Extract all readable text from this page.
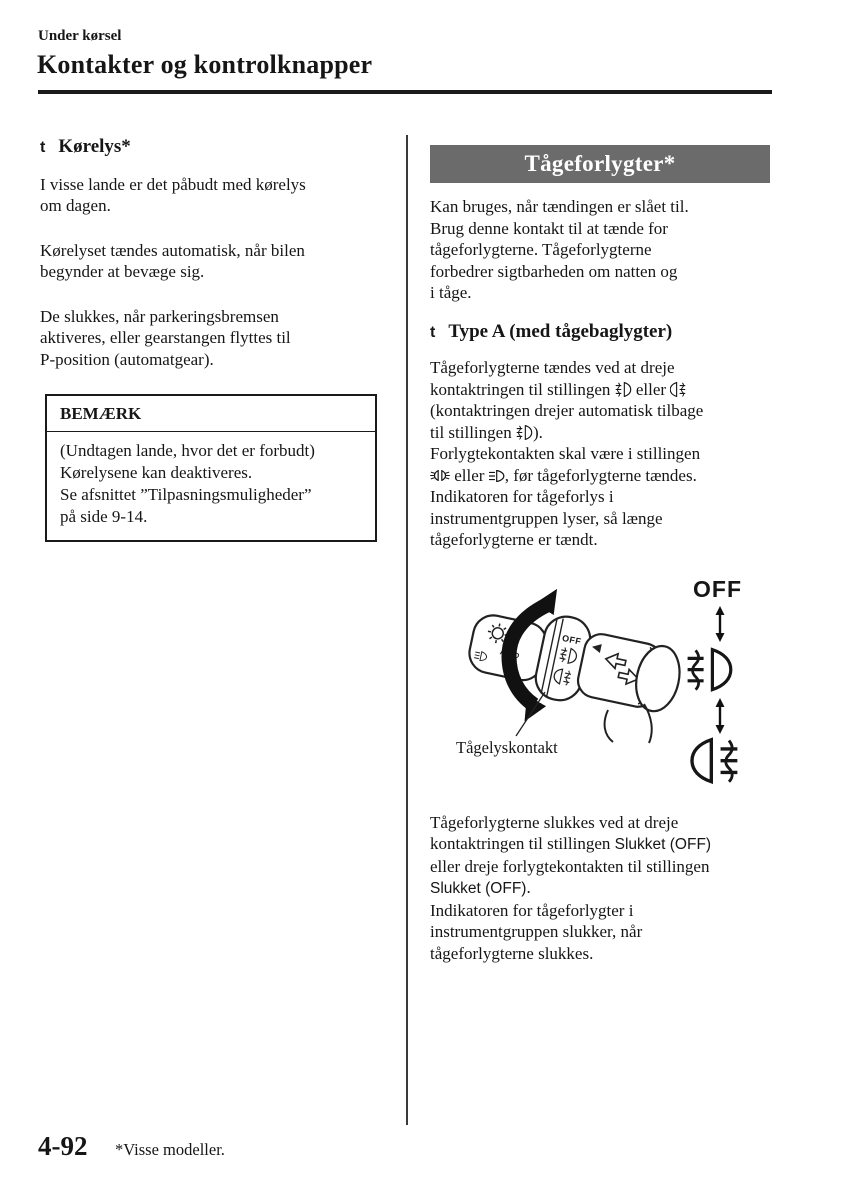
Under kørsel
Kontakter og kontrolknapper
t Kørelys*
I visse lande er det påbudt med kørelys
om dagen.
Kørelyset tændes automatisk, når bilen
begynder at bevæge sig.
De slukkes, når parkeringsbremsen
aktiveres, eller gearstangen flyttes til
P-position (automatgear).
BEMÆRK
(Undtagen lande, hvor det er forbudt)
Kørelysene kan deaktiveres.
Se afsnittet ”Tilpasningsmuligheder”
på side 9-14.
Tågeforlygter*
Kan bruges, når tændingen er slået til.
Brug denne kontakt til at tænde for
tågeforlygterne. Tågeforlygterne
forbedrer sigtbarheden om natten og
i tåge.
t Type A (med tågebaglygter)
Tågeforlygterne tændes ved at dreje
kontaktringen til stillingen  eller
(kontaktringen drejer automatisk tilbage
til stillingen ).
Forlygtekontakten skal være i stillingen
eller , før tågeforlygterne tændes.
Indikatoren for tågeforlys i
instrumentgruppen lyser, så længe
tågeforlygterne er tændt.
AUTO
OFF
Tågelyskontakt
OFF
Tågeforlygterne slukkes ved at dreje
kontaktringen til stillingen Slukket (OFF)
eller dreje forlygtekontakten til stillingen
Slukket (OFF).
Indikatoren for tågeforlygter i
instrumentgruppen slukker, når
tågeforlygterne slukkes.
4-92 *Visse modeller.
